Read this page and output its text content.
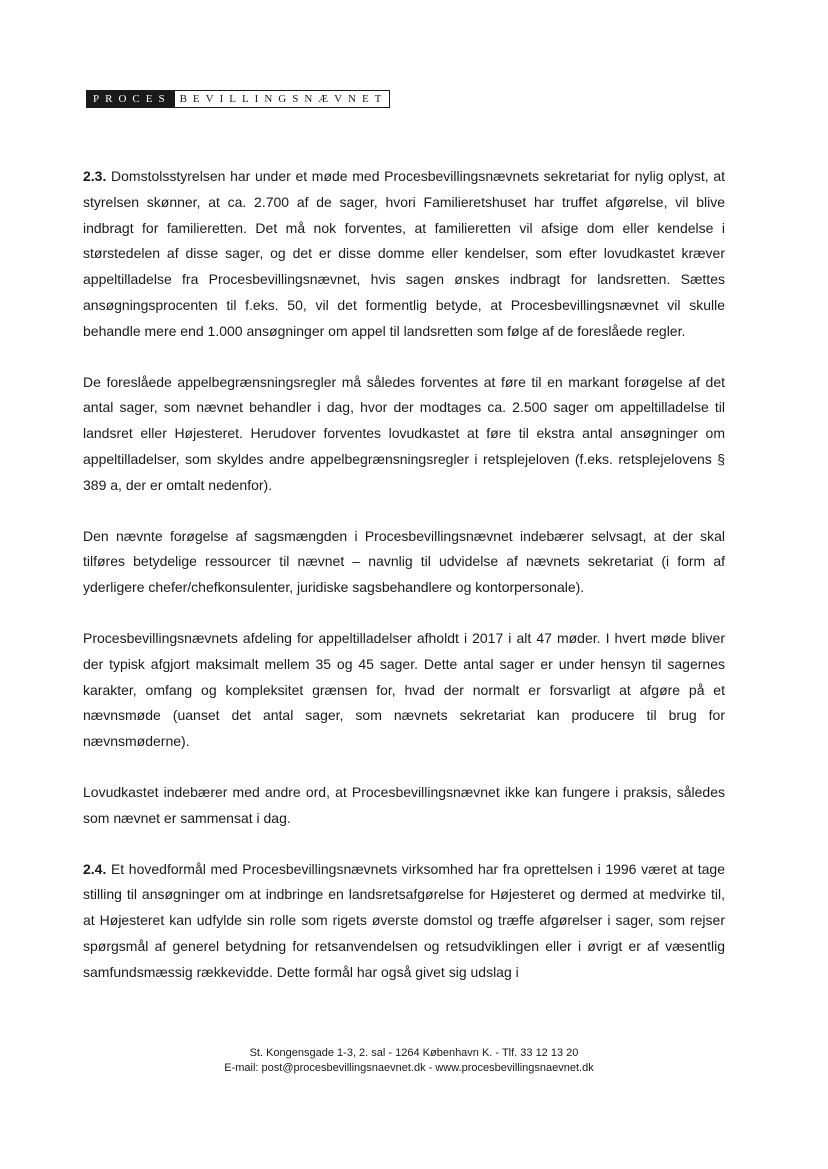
PROCES BEVILLINGSNÆVNET

2.3. Domstolsstyrelsen har under et møde med Procesbevillingsnævnets sekretariat for nylig oplyst, at styrelsen skønner, at ca. 2.700 af de sager, hvori Familieretshuset har truffet afgørelse, vil blive indbragt for familieretten. Det må nok forventes, at familieretten vil afsige dom eller kendelse i størstedelen af disse sager, og det er disse domme eller kendelser, som efter lovudkastet kræver appeltilladelse fra Procesbevillingsnævnet, hvis sagen ønskes indbragt for landsretten. Sættes ansøgningsprocenten til f.eks. 50, vil det formentlig betyde, at Procesbevillingsnævnet vil skulle behandle mere end 1.000 ansøgninger om appel til landsretten som følge af de foreslåede regler.

De foreslåede appelbegrænsningsregler må således forventes at føre til en markant forøgelse af det antal sager, som nævnet behandler i dag, hvor der modtages ca. 2.500 sager om appeltilladelse til landsret eller Højesteret. Herudover forventes lovudkastet at føre til ekstra antal ansøgninger om appeltilladelser, som skyldes andre appelbegrænsningsregler i retsplejeloven (f.eks. retsplejelovens § 389 a, der er omtalt nedenfor).

Den nævnte forøgelse af sagsmængden i Procesbevillingsnævnet indebærer selvsagt, at der skal tilføres betydelige ressourcer til nævnet – navnlig til udvidelse af nævnets sekretariat (i form af yderligere chefer/chefkonsulenter, juridiske sagsbehandlere og kontorpersonale).

Procesbevillingsnævnets afdeling for appeltilladelser afholdt i 2017 i alt 47 møder. I hvert møde bliver der typisk afgjort maksimalt mellem 35 og 45 sager. Dette antal sager er under hensyn til sagernes karakter, omfang og kompleksitet grænsen for, hvad der normalt er forsvarligt at afgøre på et nævnsmøde (uanset det antal sager, som nævnets sekretariat kan producere til brug for nævnsmøderne).

Lovudkastet indebærer med andre ord, at Procesbevillingsnævnet ikke kan fungere i praksis, således som nævnet er sammensat i dag.

2.4. Et hovedformål med Procesbevillingsnævnets virksomhed har fra oprettelsen i 1996 været at tage stilling til ansøgninger om at indbringe en landsretsafgørelse for Højesteret og dermed at medvirke til, at Højesteret kan udfylde sin rolle som rigets øverste domstol og træffe afgørelser i sager, som rejser spørgsmål af generel betydning for retsanvendelsen og retsudviklingen eller i øvrigt er af væsentlig samfundsmæssig rækkevidde. Dette formål har også givet sig udslag i

St. Kongensgade 1-3, 2. sal - 1264 København K. - Tlf. 33 12 13 20
E-mail: post@procesbevillingsnaevnet.dk - www.procesbevillingsnaevnet.dk
